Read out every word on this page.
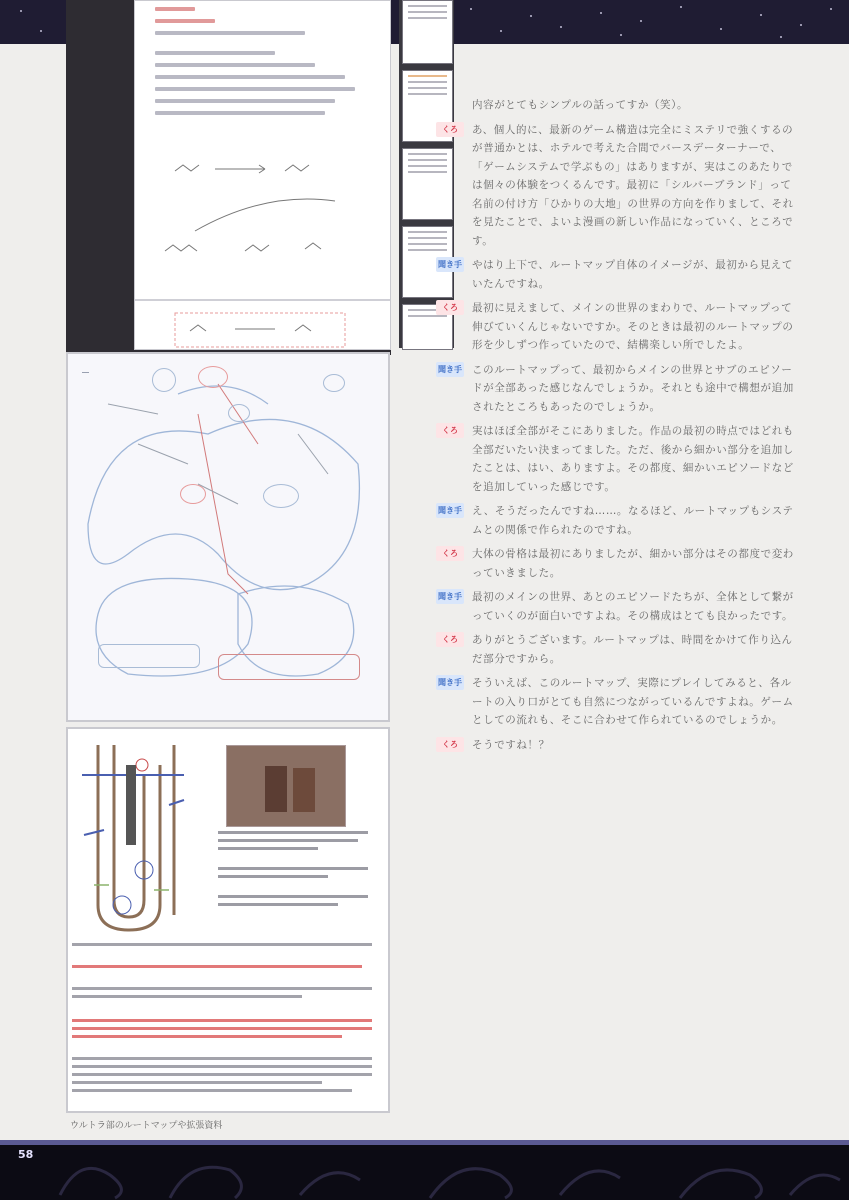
―
ウルトラ部のルートマップや拡張資料
内容がとてもシンプルの話ってすか（笑）。
くろ	あ、個人的に、最新のゲーム構造は完全にミステリで強くするのが普通かとは、ホテルで考えた合間でバースデーターナーで、「ゲームシステムで学ぶもの」はありますが、実はこのあたりでは個々の体験をつくるんです。最初に「シルバーブランド」って名前の付け方「ひかりの大地」の世界の方向を作りまして、それを見たことで、よいよ漫画の新しい作品になっていく、ところです。
聞き手 やはり上下で、ルートマップ自体のイメージが、最初から見えていたんですね。
くろ	最初に見えまして、メインの世界のまわりで、ルートマップって伸びていくんじゃないですか。そのときは最初のルートマップの形を少しずつ作っていたので、結構楽しい所でしたよ。
聞き手 このルートマップって、最初からメインの世界とサブのエピソードが全部あった感じなんでしょうか。それとも途中で構想が追加されたところもあったのでしょうか。
くろ	実はほぼ全部がそこにありました。作品の最初の時点ではどれも全部だいたい決まってました。ただ、後から細かい部分を追加したことは、はい、ありますよ。その都度、細かいエピソードなどを追加していった感じです。
聞き手 え、そうだったんですね……。なるほど、ルートマップもシステムとの関係で作られたのですね。
くろ	大体の骨格は最初にありましたが、細かい部分はその都度で変わっていきました。
聞き手 最初のメインの世界、あとのエピソードたちが、全体として繋がっていくのが面白いですよね。その構成はとても良かったです。
くろ	ありがとうございます。ルートマップは、時間をかけて作り込んだ部分ですから。
聞き手 そういえば、このルートマップ、実際にプレイしてみると、各ルートの入り口がとても自然につながっているんですよね。ゲームとしての流れも、そこに合わせて作られているのでしょうか。
くろ	そうですね！？
58
